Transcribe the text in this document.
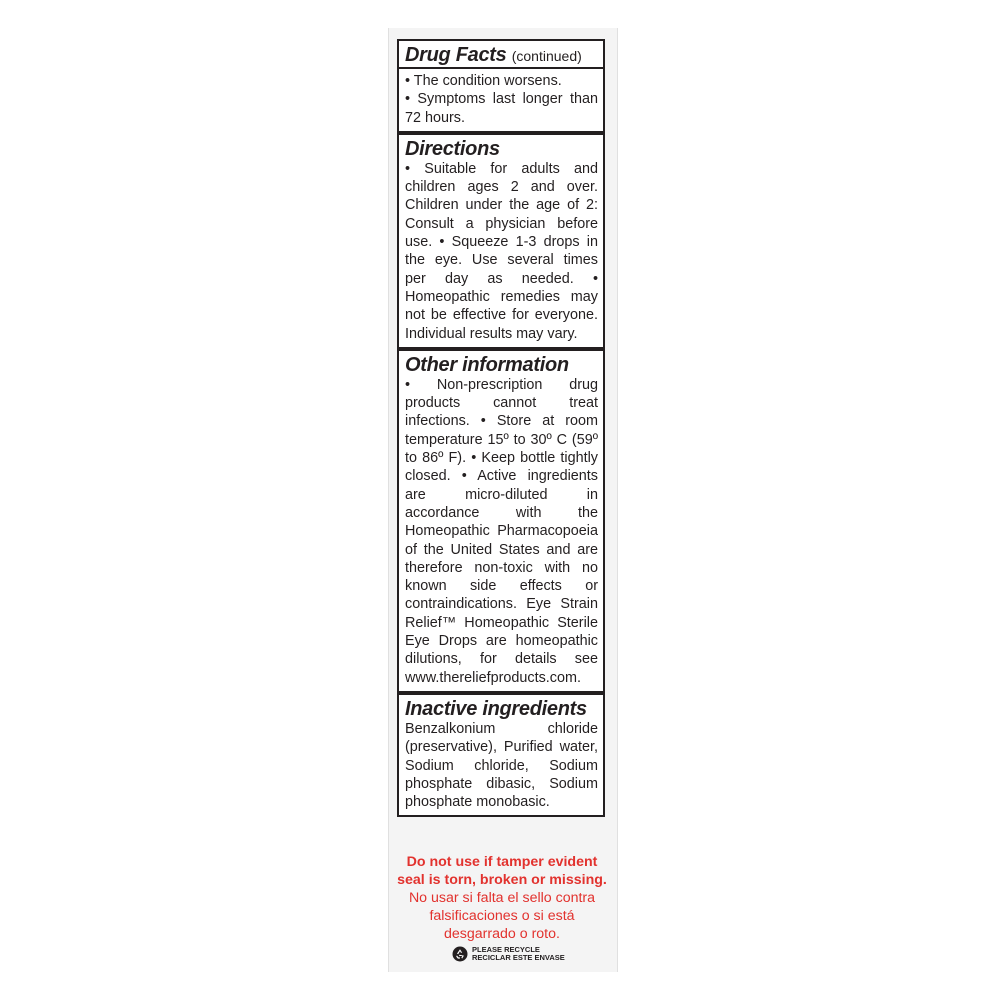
Drug Facts (continued)

• The condition worsens.

• Symptoms last longer than 72 hours.

Directions
• Suitable for adults and children ages 2 and over. Children under the age of 2: Consult a physician before use. • Squeeze 1-3 drops in the eye. Use several times per day as needed. • Homeopathic remedies may not be effective for everyone. Individual results may vary.
Other information
• Non-prescription drug products cannot treat infections. • Store at room temperature 15º to 30º C (59º to 86º F). • Keep bottle tightly closed. • Active ingredients are micro-diluted in accordance with the Homeopathic Pharmacopoeia of the United States and are therefore non-toxic with no known side effects or contraindications. Eye Strain Relief™ Homeopathic Sterile Eye Drops are homeopathic dilutions, for details see www.thereliefproducts.com.
Inactive ingredients
Benzalkonium chloride (preservative), Purified water, Sodium chloride, Sodium phosphate dibasic, Sodium phosphate monobasic.
Do not use if tamper evident seal is torn, broken or missing. No usar si falta el sello contra falsificaciones o si está desgarrado o roto.
PLEASE RECYCLE
RECICLAR ESTE ENVASE
